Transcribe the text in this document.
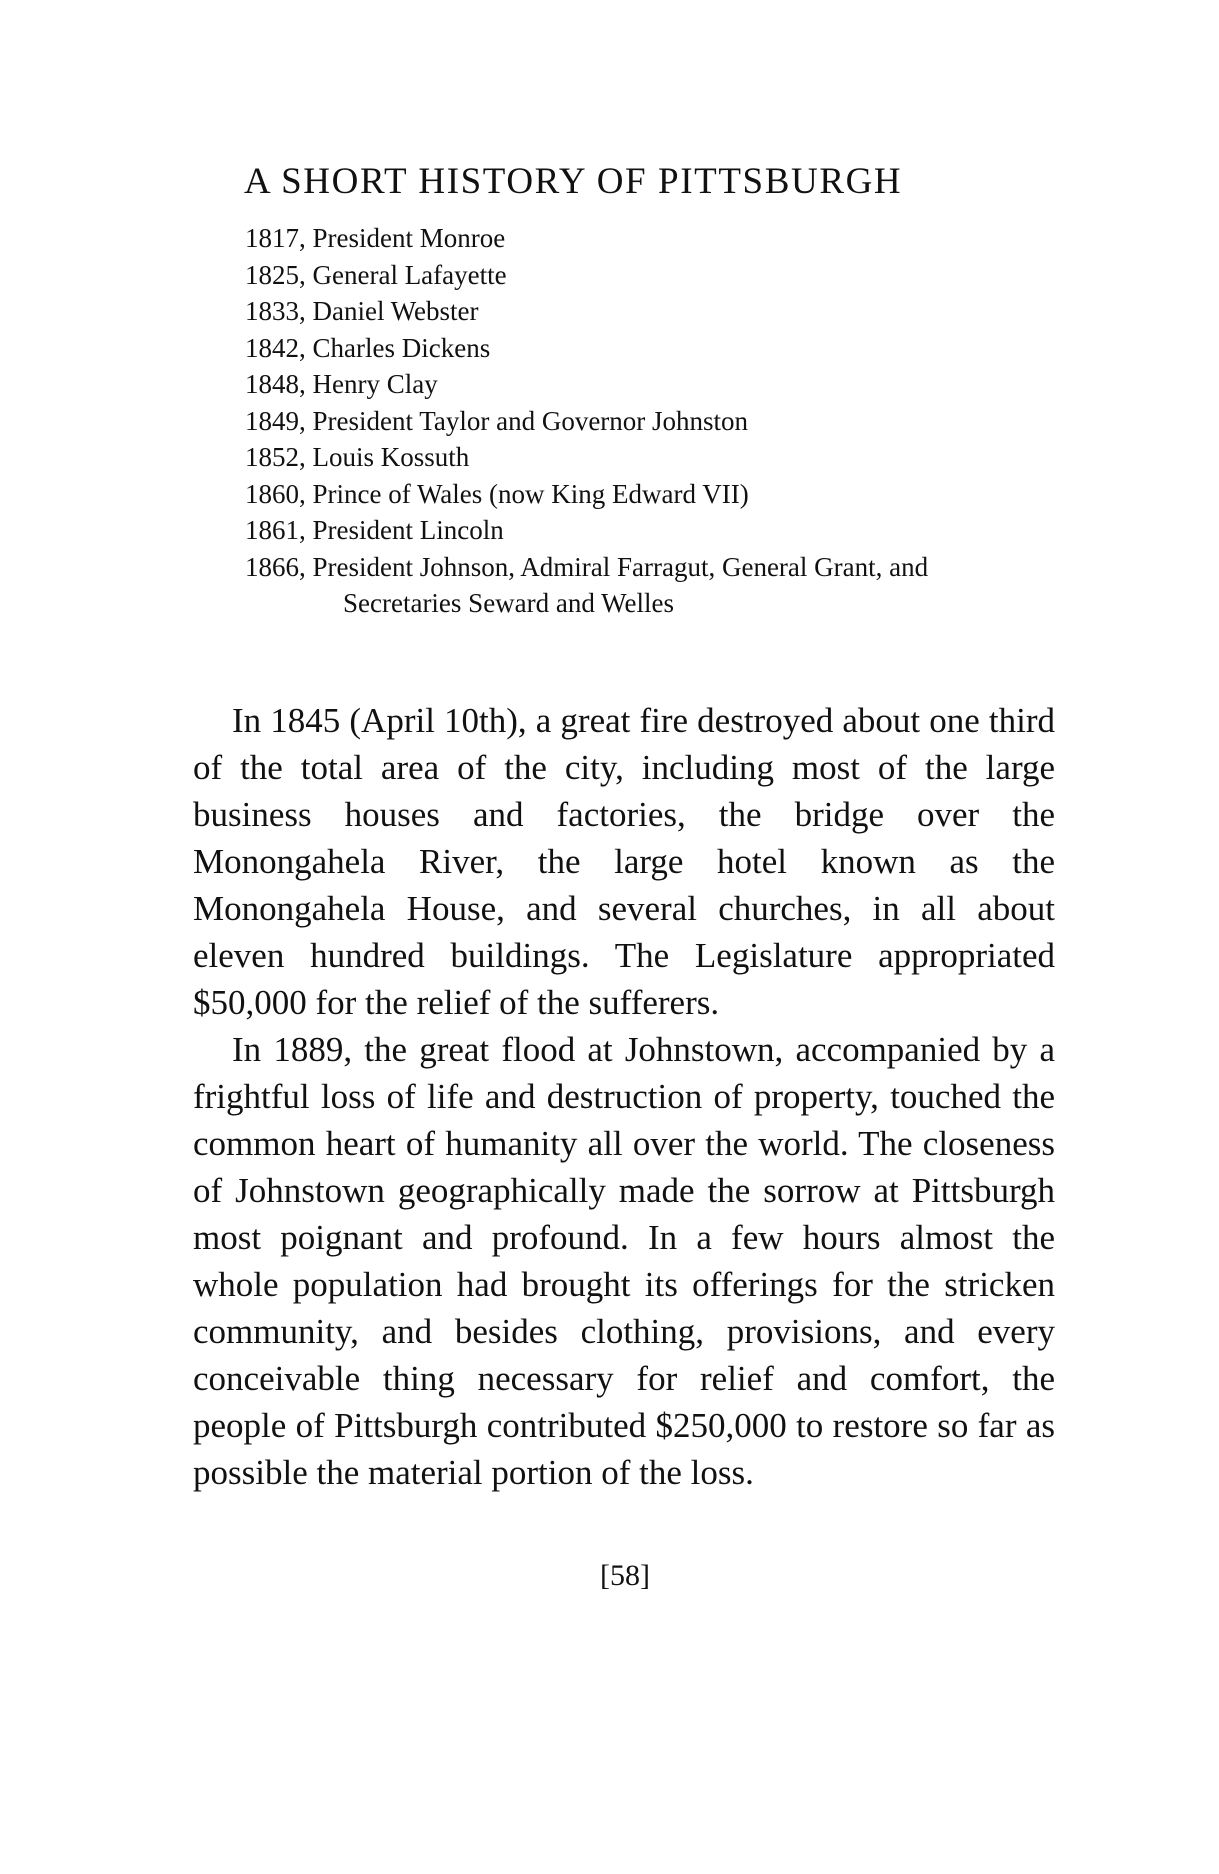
A SHORT HISTORY OF PITTSBURGH
1817, President Monroe
1825, General Lafayette
1833, Daniel Webster
1842, Charles Dickens
1848, Henry Clay
1849, President Taylor and Governor Johnston
1852, Louis Kossuth
1860, Prince of Wales (now King Edward VII)
1861, President Lincoln
1866, President Johnson, Admiral Farragut, General Grant, and Secretaries Seward and Welles

In 1845 (April 10th), a great fire destroyed about one third of the total area of the city, including most of the large business houses and factories, the bridge over the Monongahela River, the large hotel known as the Monongahela House, and several churches, in all about eleven hundred buildings. The Legislature appropriated $50,000 for the relief of the sufferers.

In 1889, the great flood at Johnstown, accompanied by a frightful loss of life and destruction of property, touched the common heart of humanity all over the world. The closeness of Johnstown geographically made the sorrow at Pittsburgh most poignant and profound. In a few hours almost the whole population had brought its offerings for the stricken community, and besides clothing, provisions, and every conceivable thing necessary for relief and comfort, the people of Pittsburgh contributed $250,000 to restore so far as possible the material portion of the loss.

[58]
